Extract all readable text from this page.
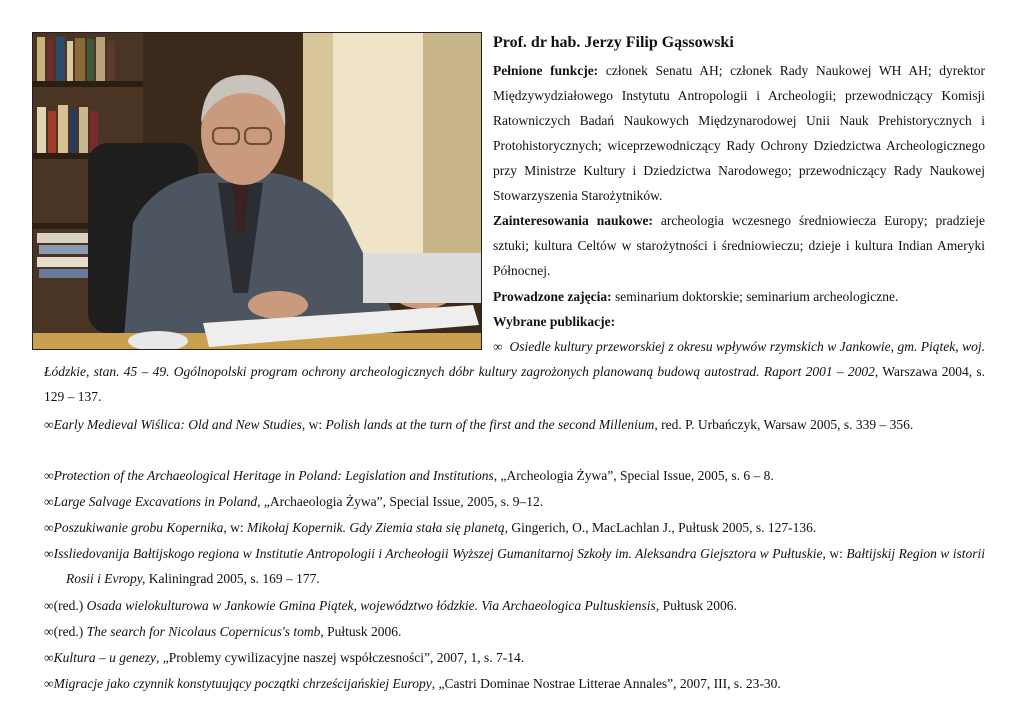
Prof. dr hab. Jerzy Filip Gąssowski
Pełnione funkcje: członek Senatu AH; członek Rady Naukowej WH AH; dyrektor Międzywydziałowego Instytutu Antropologii i Archeologii; przewodniczący Komisji Ratowniczych Badań Naukowych Międzynarodowej Unii Nauk Prehistorycznych i Protohistorycznych; wiceprzewodniczący Rady Ochrony Dziedzictwa Archeologicznego przy Ministrze Kultury i Dziedzictwa Narodowego; przewodniczący Rady Naukowej Stowarzyszenia Starożytników.
Zainteresowania naukowe: archeologia wczesnego średniowiecza Europy; pradzieje sztuki; kultura Celtów w starożytności i średniowieczu; dzieje i kultura Indian Ameryki Północnej.
Prowadzone zajęcia: seminarium doktorskie; seminarium archeologiczne.
Wybrane publikacje:
∞ Osiedle kultury przeworskiej z okresu wpływów rzymskich w Jankowie, gm. Piątek, woj. Łódzkie, stan. 45 – 49. Ogólnopolski program ochrony archeologicznych dóbr kultury zagrożonych planowaną budową autostrad. Raport 2001 – 2002, Warszawa 2004, s. 129 – 137.
∞Early Medieval Wiślica: Old and New Studies, w: Polish lands at the turn of the first and the second Millenium, red. P. Urbańczyk, Warsaw 2005, s. 339 – 356.
∞Protection of the Archaeological Heritage in Poland: Legislation and Institutions, „Archeologia Żywa”, Special Issue, 2005, s. 6 – 8.
∞Large Salvage Excavations in Poland, „Archaeologia Żywa”, Special Issue, 2005, s. 9–12.
∞Poszukiwanie grobu Kopernika, w: Mikołaj Kopernik. Gdy Ziemia stała się planetą, Gingerich, O., MacLachlan J., Pułtusk 2005, s. 127-136.
∞Issliedovanija Bałtijskogo regiona w Institutie Antropologii i Archeołogii Wyższej Gumanitarnoj Szkoły im. Aleksandra Giejsztora w Pułtuskie, w: Bałtijskij Region w istorii Rosii i Evropy, Kaliningrad 2005, s. 169 – 177.
∞(red.) Osada wielokulturowa w Jankowie Gmina Piątek, województwo łódzkie. Via Archaeologica Pultuskiensis, Pułtusk 2006.
∞(red.) The search for Nicolaus Copernicus's tomb, Pułtusk 2006.
∞Kultura – u genezy, „Problemy cywilizacyjne naszej współczesności”, 2007, 1, s. 7-14.
∞Migracje jako czynnik konstytuujący początki chrześcijańskiej Europy, „Castri Dominae Nostrae Litterae Annales”, 2007, III, s. 23-30.
